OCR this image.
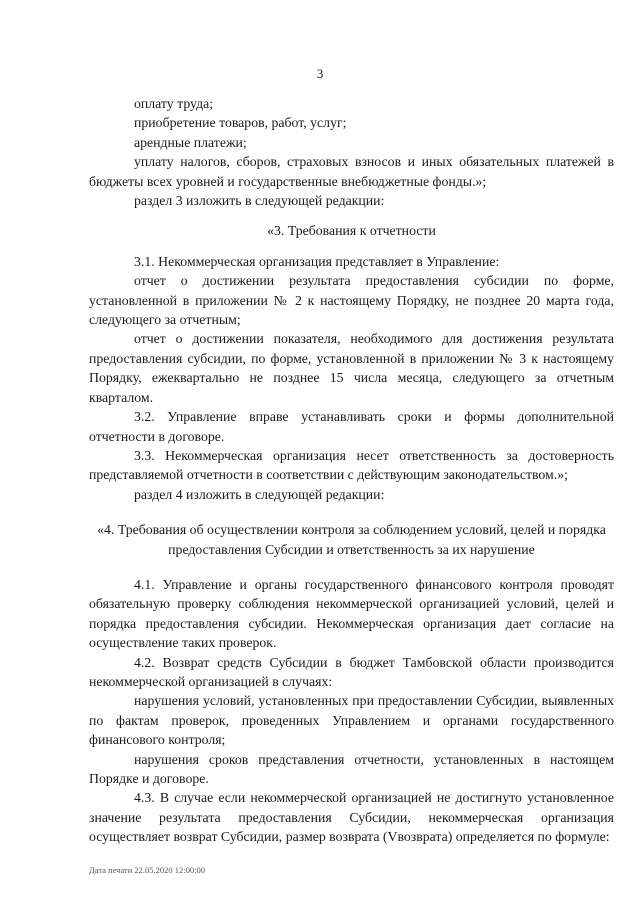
3

оплату труда;

приобретение товаров, работ, услуг;

арендные платежи;

уплату налогов, сборов, страховых взносов и иных обязательных платежей в бюджеты всех уровней и государственные внебюджетные фонды.»;

раздел 3 изложить в следующей редакции:

«3. Требования к отчетности

3.1. Некоммерческая организация представляет в Управление:

отчет о достижении результата предоставления субсидии по форме, установленной в приложении № 2 к настоящему Порядку, не позднее 20 марта года, следующего за отчетным;

отчет о достижении показателя, необходимого для достижения результата предоставления субсидии, по форме, установленной в приложении № 3 к настоящему Порядку, ежеквартально не позднее 15 числа месяца, следующего за отчетным кварталом.

3.2. Управление вправе устанавливать сроки и формы дополнительной отчетности в договоре.

3.3. Некоммерческая организация несет ответственность за достоверность представляемой отчетности в соответствии с действующим законодательством.»;

раздел 4 изложить в следующей редакции:

«4. Требования об осуществлении контроля за соблюдением условий, целей и порядка предоставления Субсидии и ответственность за их нарушение

4.1. Управление и органы государственного финансового контроля проводят обязательную проверку соблюдения некоммерческой организацией условий, целей и порядка предоставления субсидии. Некоммерческая организация дает согласие на осуществление таких проверок.

4.2. Возврат средств Субсидии в бюджет Тамбовской области производится некоммерческой организацией в случаях:

нарушения условий, установленных при предоставлении Субсидии, выявленных по фактам проверок, проведенных Управлением и органами государственного финансового контроля;

нарушения сроков представления отчетности, установленных в настоящем Порядке и договоре.

4.3. В случае если некоммерческой организацией не достигнуто установленное значение результата предоставления Субсидии, некоммерческая организация осуществляет возврат Субсидии, размер возврата (Vвозврата) определяется по формуле:

Дата печати 22.05.2020 12:00:00
